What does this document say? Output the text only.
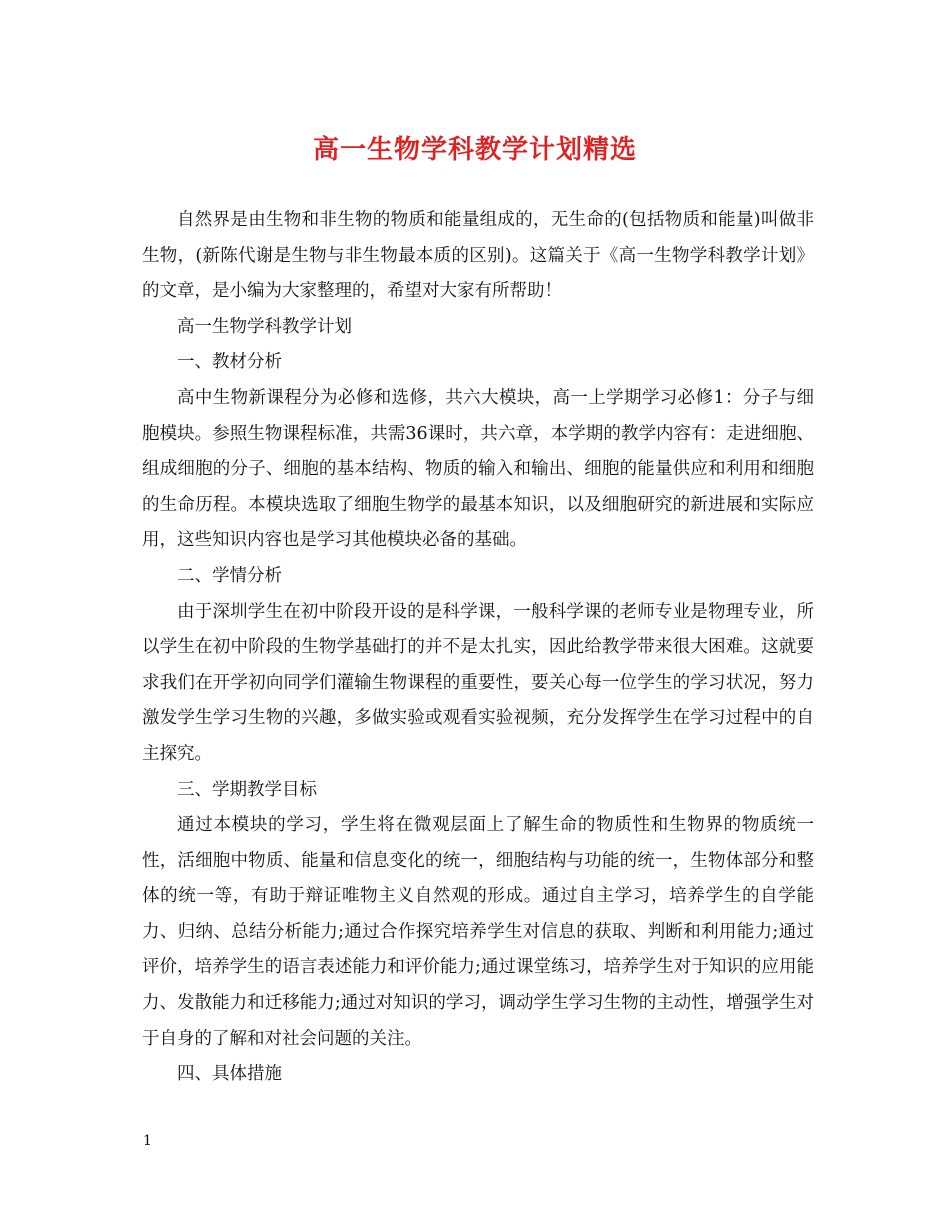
高一生物学科教学计划精选

自然界是由生物和非生物的物质和能量组成的，无生命的(包括物质和能量)叫做非生物，(新陈代谢是生物与非生物最本质的区别)。这篇关于《高一生物学科教学计划》的文章，是小编为大家整理的，希望对大家有所帮助！

高一生物学科教学计划

一、教材分析

高中生物新课程分为必修和选修，共六大模块，高一上学期学习必修1：分子与细胞模块。参照生物课程标准，共需36课时，共六章，本学期的教学内容有：走进细胞、组成细胞的分子、细胞的基本结构、物质的输入和输出、细胞的能量供应和利用和细胞的生命历程。本模块选取了细胞生物学的最基本知识，以及细胞研究的新进展和实际应用，这些知识内容也是学习其他模块必备的基础。

二、学情分析

由于深圳学生在初中阶段开设的是科学课，一般科学课的老师专业是物理专业，所以学生在初中阶段的生物学基础打的并不是太扎实，因此给教学带来很大困难。这就要求我们在开学初向同学们灌输生物课程的重要性，要关心每一位学生的学习状况，努力激发学生学习生物的兴趣，多做实验或观看实验视频，充分发挥学生在学习过程中的自主探究。

三、学期教学目标

通过本模块的学习，学生将在微观层面上了解生命的物质性和生物界的物质统一性，活细胞中物质、能量和信息变化的统一，细胞结构与功能的统一，生物体部分和整体的统一等，有助于辩证唯物主义自然观的形成。通过自主学习，培养学生的自学能力、归纳、总结分析能力;通过合作探究培养学生对信息的获取、判断和利用能力;通过评价，培养学生的语言表述能力和评价能力;通过课堂练习，培养学生对于知识的应用能力、发散能力和迁移能力;通过对知识的学习，调动学生学习生物的主动性，增强学生对于自身的了解和对社会问题的关注。

四、具体措施

1
